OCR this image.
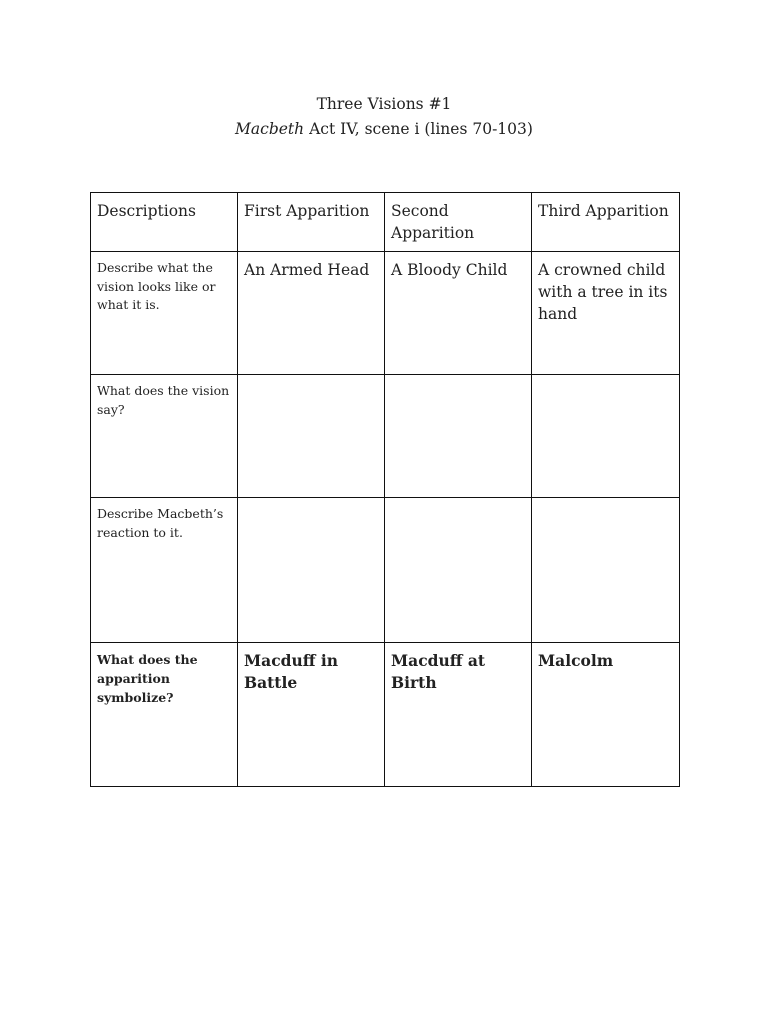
Three Visions #1
Macbeth Act IV, scene i (lines 70-103)
Descriptions	First Apparition	Second Apparition	Third Apparition
Describe what the vision looks like or what it is.	An Armed Head	A Bloody Child	A crowned child with a tree in its hand
What does the vision say?			
Describe Macbeth’s reaction to it.			
What does the apparition symbolize?	Macduff in Battle	Macduff at Birth	Malcolm
